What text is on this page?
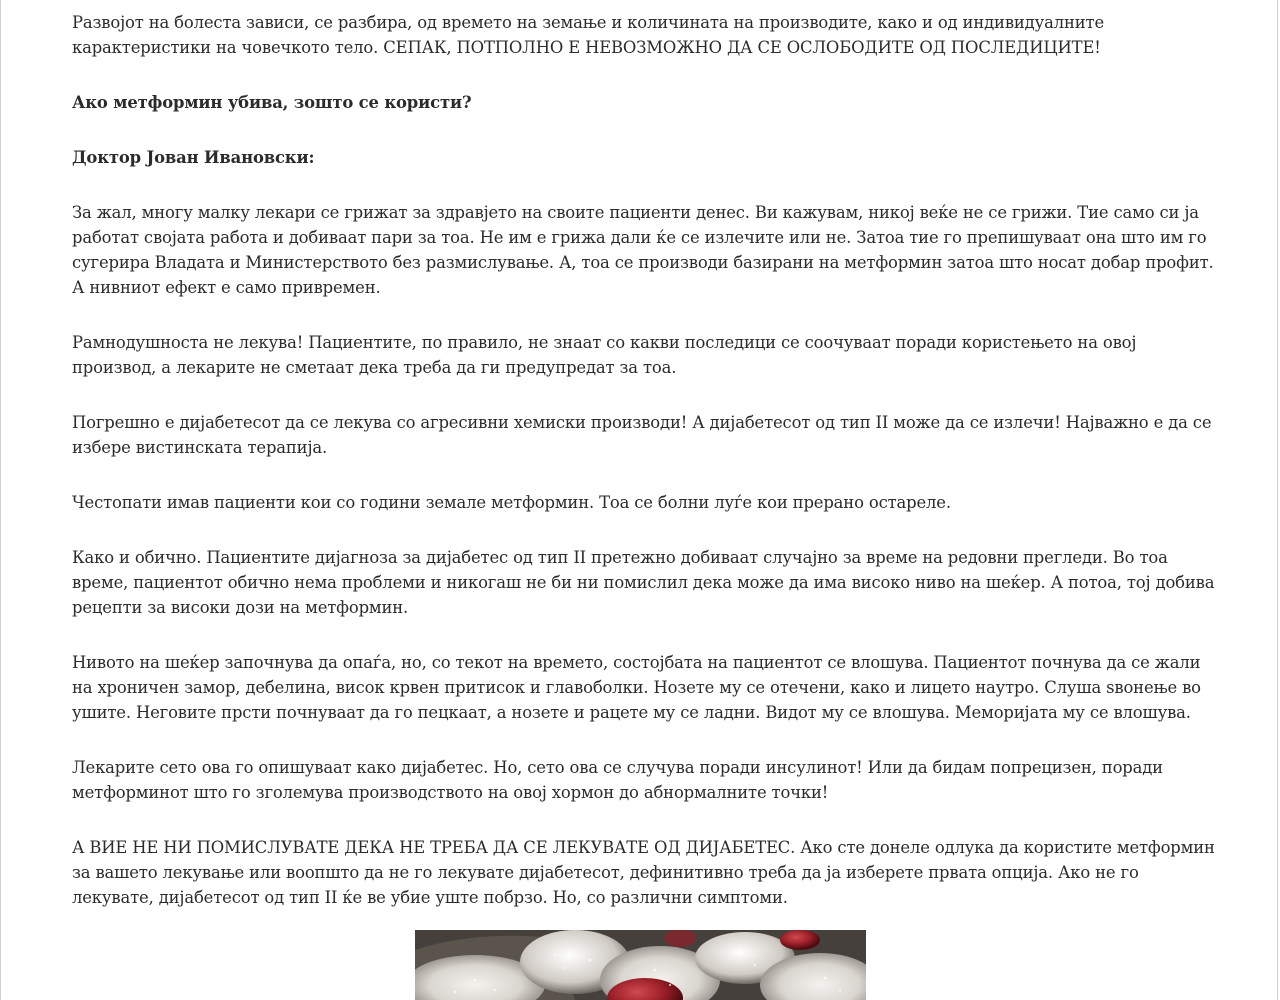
Развојот на болеста зависи, се разбира, од времето на земање и количината на производите, како и од индивидуалните карактеристики на човечкото тело. СЕПАК, ПОТПОЛНО Е НЕВОЗМОЖНО ДА СЕ ОСЛОБОДИТЕ ОД ПОСЛЕДИЦИТЕ!

Ако метформин убива, зошто се користи?

Доктор Јован Ивановски:

За жал, многу малку лекари се грижат за здравјето на своите пациенти денес. Ви кажувам, никој веќе не се грижи. Тие само си ја работат својата работа и добиваат пари за тоа. Не им е грижа дали ќе се излечите или не. Затоа тие го препишуваат она што им го сугерира Владата и Министерството без размислување. А, тоа се производи базирани на метформин затоа што носат добар профит. А нивниот ефект е само привремен.

Рамнодушноста не лекува! Пациентите, по правило, не знаат со какви последици се соочуваат поради користењето на овој производ, а лекарите не сметаат дека треба да ги предупредат за тоа.

Погрешно е дијабетесот да се лекува со агресивни хемиски производи! А дијабетесот од тип II може да се излечи! Најважно е да се избере вистинската терапија.

Честопати имав пациенти кои со години земале метформин. Тоа се болни луѓе кои прерано остареле.

Како и обично. Пациентите дијагноза за дијабетес од тип II претежно добиваат случајно за време на редовни прегледи. Во тоа време, пациентот обично нема проблеми и никогаш не би ни помислил дека може да има високо ниво на шеќер. А потоа, тој добива рецепти за високи дози на метформин.

Нивото на шеќер започнува да опаѓа, но, со текот на времето, состојбата на пациентот се влошува. Пациентот почнува да се жали на хроничен замор, дебелина, висок крвен притисок и главоболки. Нозете му се отечени, како и лицето наутро. Слуша ѕвонење во ушите. Неговите прсти почнуваат да го пецкаат, а нозете и рацете му се ладни. Видот му се влошува. Меморијата му се влошува.

Лекарите сето ова го опишуваат како дијабетес. Но, сето ова се случува поради инсулинот! Или да бидам попрецизен, поради метформинот што го зголемува производството на овој хормон до абнормалните точки!

А ВИЕ НЕ НИ ПОМИСЛУВАТЕ ДЕКА НЕ ТРЕБА ДА СЕ ЛЕКУВАТЕ ОД ДИЈАБЕТЕС. Ако сте донеле одлука да користите метформин за вашето лекување или воопшто да не го лекувате дијабетесот, дефинитивно треба да ја изберете првата опција. Ако не го лекувате, дијабетесот од тип II ќе ве убие уште побрзо. Но, со различни симптоми.
